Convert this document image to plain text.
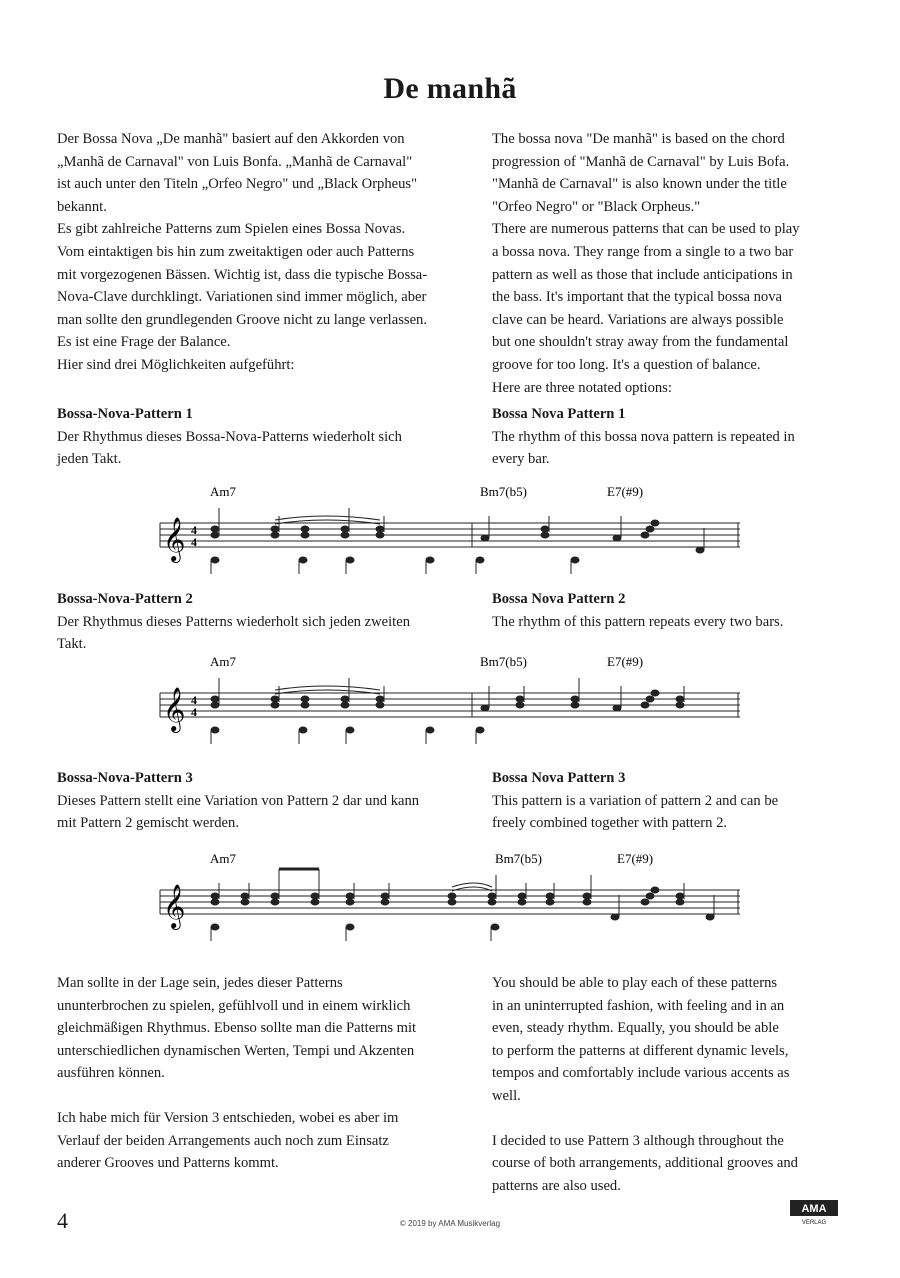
De manhã

Der Bossa Nova „De manhã" basiert auf den Akkorden von

„Manhã de Carnaval" von Luis Bonfa. „Manhã de Carnaval"

ist auch unter den Titeln „Orfeo Negro" und „Black Orpheus"

bekannt.

Es gibt zahlreiche Patterns zum Spielen eines Bossa Novas.

Vom eintaktigen bis hin zum zweitaktigen oder auch Patterns

mit vorgezogenen Bässen. Wichtig ist, dass die typische Bossa-

Nova-Clave durchklingt. Variationen sind immer möglich, aber

man sollte den grundlegenden Groove nicht zu lange verlassen.

Es ist eine Frage der Balance.

Hier sind drei Möglichkeiten aufgeführt:

The bossa nova "De manhã" is based on the chord

progression of "Manhã de Carnaval" by Luis Bofa.

"Manhã de Carnaval" is also known under the title

"Orfeo Negro" or "Black Orpheus."

There are numerous patterns that can be used to play

a bossa nova. They range from a single to a two bar

pattern as well as those that include anticipations in

the bass. It's important that the typical bossa nova

clave can be heard. Variations are always possible

but one shouldn't stray away from the fundamental

groove for too long. It's a question of balance.

Here are three notated options:

Bossa-Nova-Pattern 1

Der Rhythmus dieses Bossa-Nova-Patterns wiederholt sich

jeden Takt.

Bossa Nova Pattern 1

The rhythm of this bossa nova pattern is repeated in

every bar.

Am7	Bm7(b5)	E7(#9)
𝄞 4
4

Bossa-Nova-Pattern 2

Der Rhythmus dieses Patterns wiederholt sich jeden zweiten

Takt.

Bossa Nova Pattern 2

The rhythm of this pattern repeats every two bars.

Am7	Bm7(b5)	E7(#9)
𝄞 4
4

Bossa-Nova-Pattern 3

Dieses Pattern stellt eine Variation von Pattern 2 dar und kann

mit Pattern 2 gemischt werden.

Bossa Nova Pattern 3

This pattern is a variation of pattern 2 and can be

freely combined together with pattern 2.

Am7	Bm7(b5)	E7(#9)
𝄞

Man sollte in der Lage sein, jedes dieser Patterns

ununterbrochen zu spielen, gefühlvoll und in einem wirklich

gleichmäßigen Rhythmus. Ebenso sollte man die Patterns mit

unterschiedlichen dynamischen Werten, Tempi und Akzenten

ausführen können.

Ich habe mich für Version 3 entschieden, wobei es aber im

Verlauf der beiden Arrangements auch noch zum Einsatz

anderer Grooves und Patterns kommt.

You should be able to play each of these patterns

in an uninterrupted fashion, with feeling and in an

even, steady rhythm. Equally, you should be able

to perform the patterns at different dynamic levels,

tempos and comfortably include various accents as

well.

I decided to use Pattern 3 although throughout the

course of both arrangements, additional grooves and

patterns are also used.

4	© 2019 by AMA Musikverlag
AMA
VERLAG
